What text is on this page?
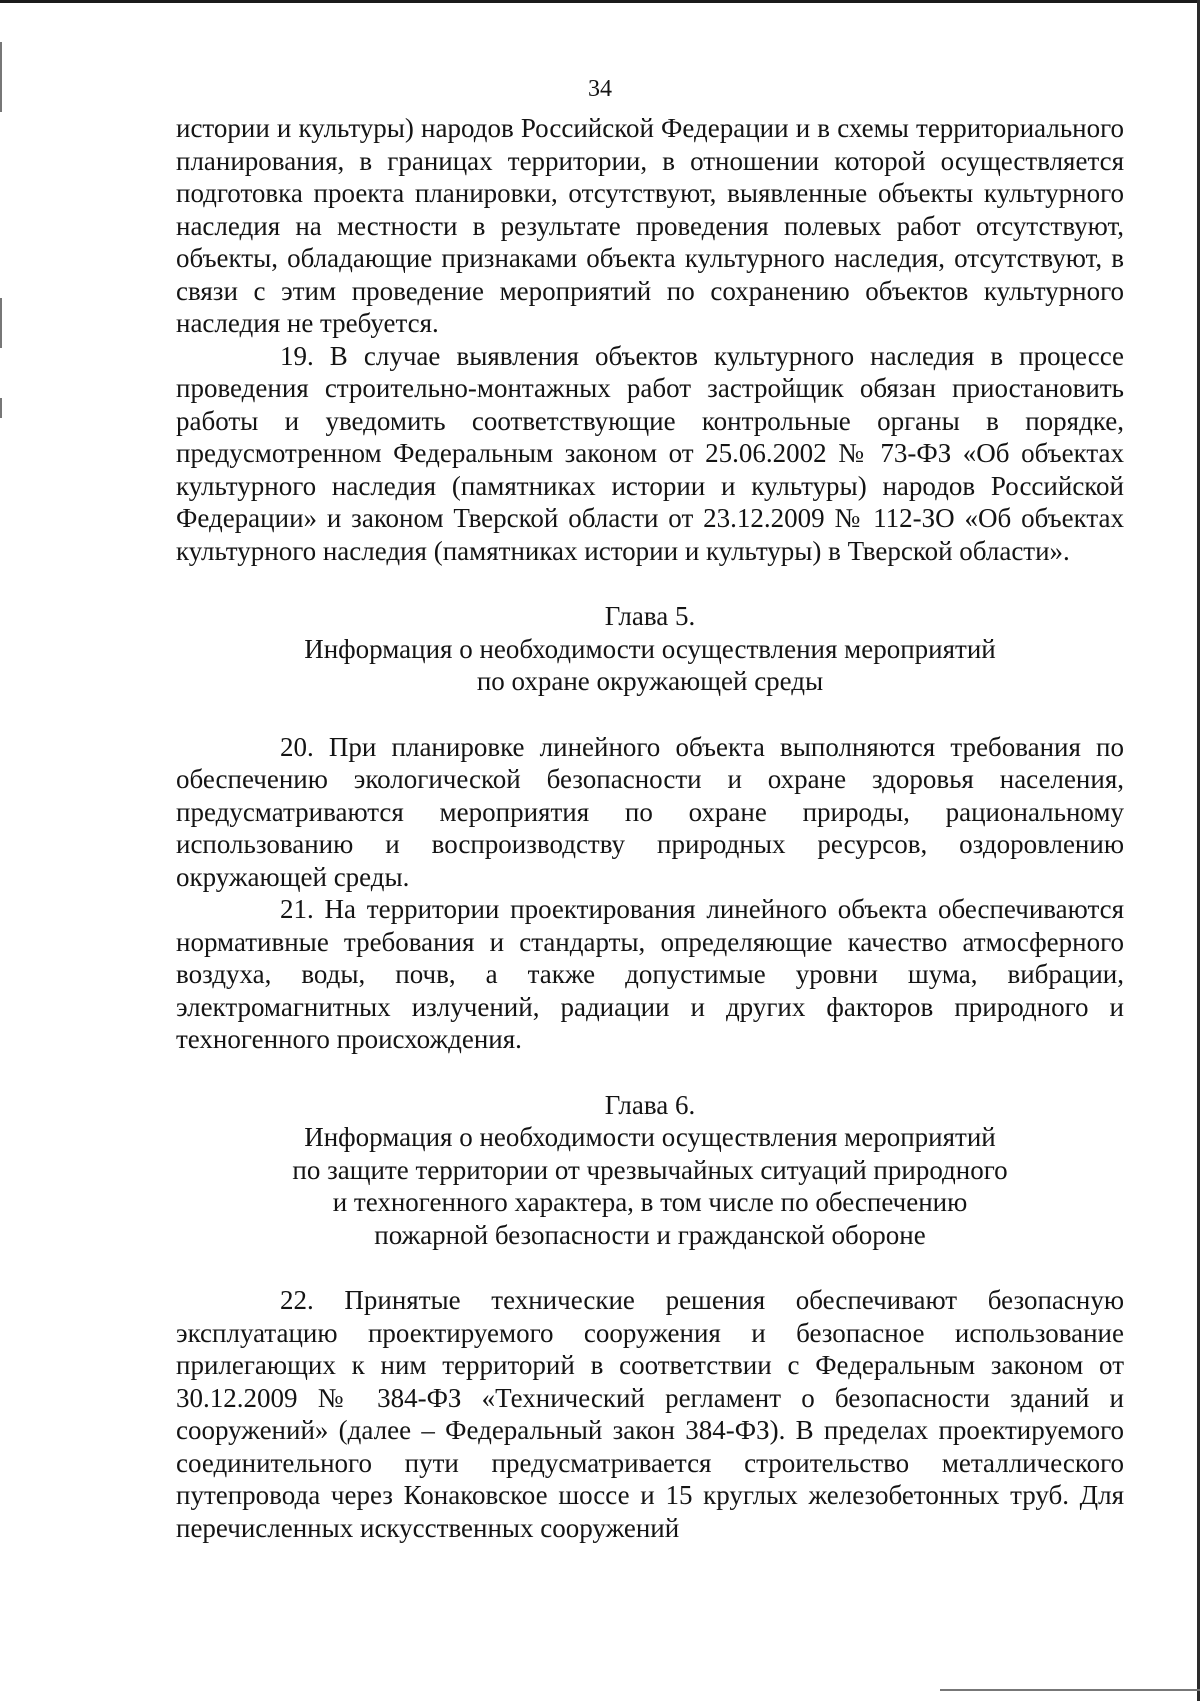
34

истории и культуры) народов Российской Федерации и в схемы территориального планирования, в границах территории, в отношении которой осуществляется подготовка проекта планировки, отсутствуют, выявленные объекты культурного наследия на местности в результате проведения полевых работ отсутствуют, объекты, обладающие признаками объекта культурного наследия, отсутствуют, в связи с этим проведение мероприятий по сохранению объектов культурного наследия не требуется.

19. В случае выявления объектов культурного наследия в процессе проведения строительно-монтажных работ застройщик обязан приостановить работы и уведомить соответствующие контрольные органы в порядке, предусмотренном Федеральным законом от 25.06.2002 № 73-ФЗ «Об объектах культурного наследия (памятниках истории и культуры) народов Российской Федерации» и законом Тверской области от 23.12.2009 № 112-ЗО «Об объектах культурного наследия (памятниках истории и культуры) в Тверской области».

Глава 5.
Информация о необходимости осуществления мероприятий
по охране окружающей среды

20. При планировке линейного объекта выполняются требования по обеспечению экологической безопасности и охране здоровья населения, предусматриваются мероприятия по охране природы, рациональному использованию и воспроизводству природных ресурсов, оздоровлению окружающей среды.

21. На территории проектирования линейного объекта обеспечиваются нормативные требования и стандарты, определяющие качество атмосферного воздуха, воды, почв, а также допустимые уровни шума, вибрации, электромагнитных излучений, радиации и других факторов природного и техногенного происхождения.

Глава 6.
Информация о необходимости осуществления мероприятий
по защите территории от чрезвычайных ситуаций природного
и техногенного характера, в том числе по обеспечению
пожарной безопасности и гражданской обороне

22. Принятые технические решения обеспечивают безопасную эксплуатацию проектируемого сооружения и безопасное использование прилегающих к ним территорий в соответствии с Федеральным законом от 30.12.2009 № 384-ФЗ «Технический регламент о безопасности зданий и сооружений» (далее – Федеральный закон 384-ФЗ). В пределах проектируемого соединительного пути предусматривается строительство металлического путепровода через Конаковское шоссе и 15 круглых железобетонных труб. Для перечисленных искусственных сооружений
